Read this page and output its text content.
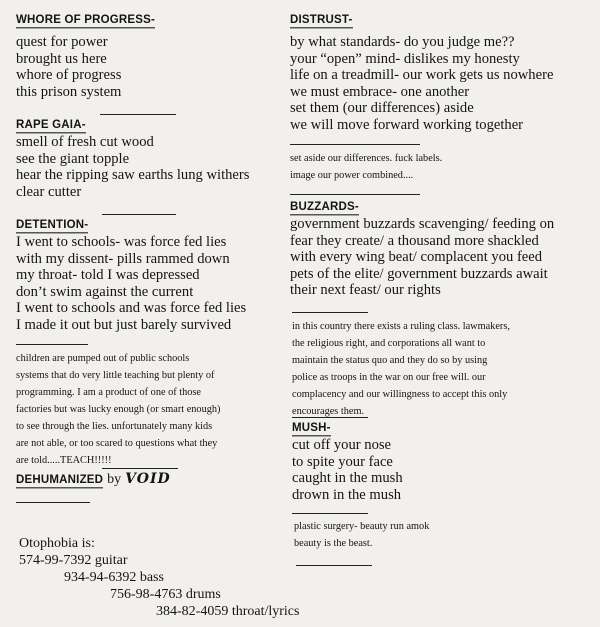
WHORE OF PROGRESS-
quest for power
brought us here
whore of progress
this prison system
RAPE GAIA-
smell of fresh cut wood
see the giant topple
hear the ripping saw earths lung withers
clear cutter
DETENTION-
I went to schools- was force fed lies
with my dissent- pills rammed down
my throat- told I was depressed
don’t swim against the current
I went to schools and was force fed lies
I made it out but just barely survived
children are pumped out of public schools
systems that do very little teaching but plenty of
programming. I am a product of one of those
factories but was lucky enough (or smart enough)
to see through the lies. unfortunately many kids
are not able, or too scared to questions what they
are told.....TEACH!!!!!
DEHUMANIZED by VOID
Otophobia is:
574-99-7392 guitar
934-94-6392 bass
756-98-4763 drums
384-82-4059 throat/lyrics
DISTRUST-
by what standards- do you judge me??
your “open” mind- dislikes my honesty
life on a treadmill- our work gets us nowhere
we must embrace- one another
set them (our differences) aside
we will move forward working together
set aside our differences. fuck labels.
image our power combined....
BUZZARDS-
government buzzards scavenging/ feeding on
fear they create/ a thousand more shackled
with every wing beat/ complacent you feed
pets of the elite/ government buzzards await
their next feast/ our rights
in this country there exists a ruling class. lawmakers,
the religious right, and corporations all want to
maintain the status quo and they do so by using
police as troops in the war on our free will. our
complacency and our willingness to accept this only
encourages them.
MUSH-
cut off your nose
to spite your face
caught in the mush
drown in the mush
plastic surgery- beauty run amok
beauty is the beast.
